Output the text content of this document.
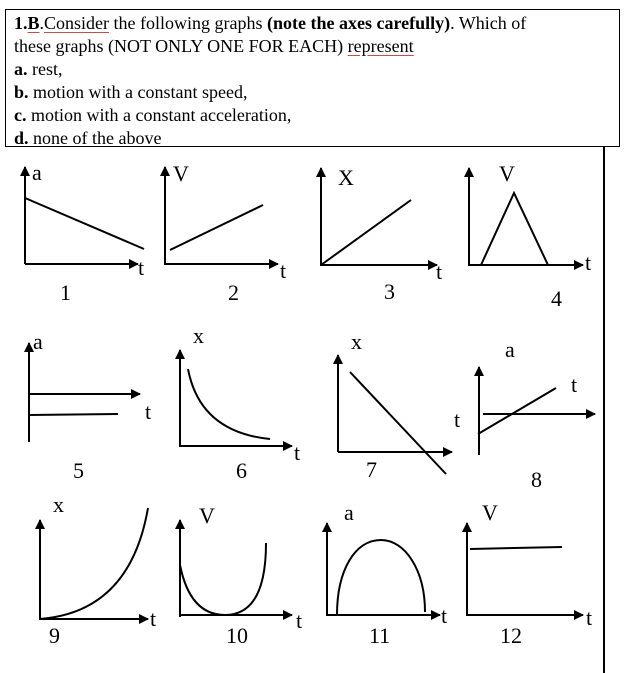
1.B.Consider the following graphs (note the axes carefully). Which of

these graphs (NOT ONLY ONE FOR EACH) represent

a. rest,

b. motion with a constant speed,

c. motion with a constant acceleration,

d. none of the above

a
t
V
t
X
t
V
t
a
t
x
t
x
t
a
t
x
t
V
t
a
t
V
t
1	2	3	4
5	6	7	8
9	10	11	12
